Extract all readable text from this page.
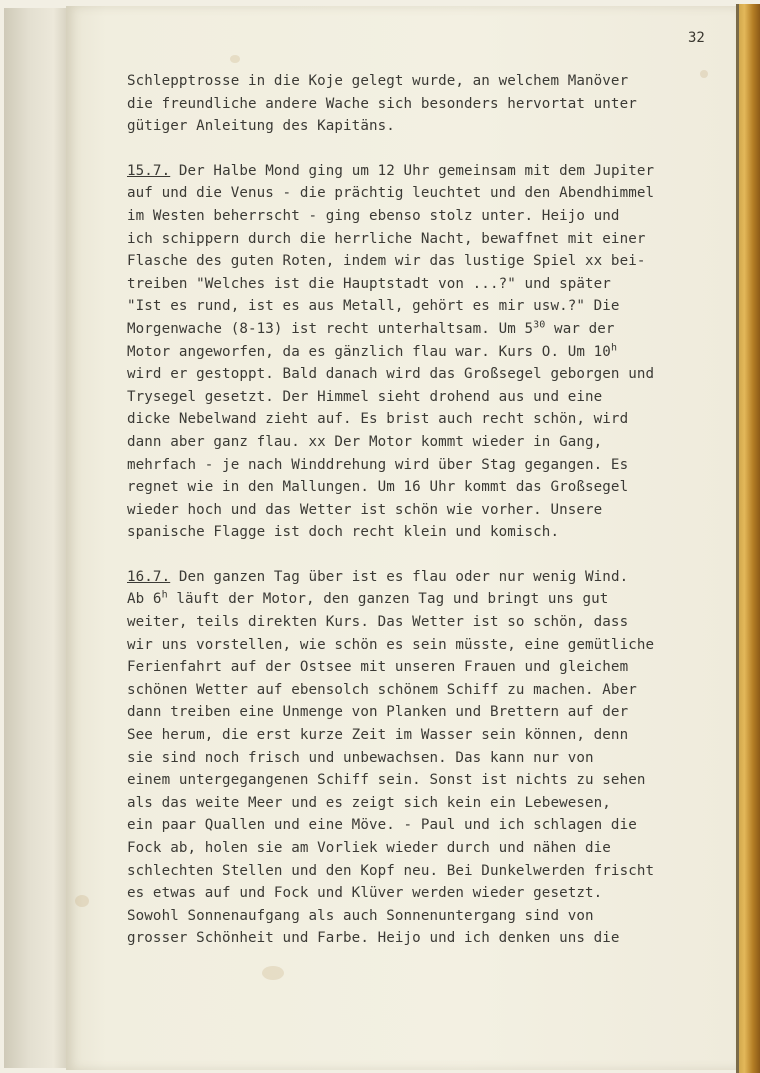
32
Schlepptrosse in die Koje gelegt wurde, an welchem Manöver
die freundliche andere Wache sich besonders hervortat unter
gütiger Anleitung des Kapitäns.
15.7. Der Halbe Mond ging um 12 Uhr gemeinsam mit dem Jupiter
auf und die Venus - die prächtig leuchtet und den Abendhimmel
im Westen beherrscht - ging ebenso stolz unter. Heijo und
ich schippern durch die herrliche Nacht, bewaffnet mit einer
Flasche des guten Roten, indem wir das lustige Spiel xx bei-
treiben "Welches ist die Hauptstadt von ...?" und später
"Ist es rund, ist es aus Metall, gehört es mir usw.?" Die
Morgenwache (8-13) ist recht unterhaltsam. Um $5^{30}$ war der
Motor angeworfen, da es gänzlich flau war. Kurs O. Um 10$^h$
wird er gestoppt. Bald danach wird das Großsegel geborgen und
Trysegel gesetzt. Der Himmel sieht drohend aus und eine
dicke Nebelwand zieht auf. Es brist auch recht schön, wird
dann aber ganz flau. xx Der Motor kommt wieder in Gang,
mehrfach - je nach Winddrehung wird über Stag gegangen. Es
regnet wie in den Mallungen. Um 16 Uhr kommt das Großsegel
wieder hoch und das Wetter ist schön wie vorher. Unsere
spanische Flagge ist doch recht klein und komisch.
16.7. Den ganzen Tag über ist es flau oder nur wenig Wind.
Ab 6$^h$ läuft der Motor, den ganzen Tag und bringt uns gut
weiter, teils direkten Kurs. Das Wetter ist so schön, dass
wir uns vorstellen, wie schön es sein müsste, eine gemütliche
Ferienfahrt auf der Ostsee mit unseren Frauen und gleichem
schönen Wetter auf ebensolch schönem Schiff zu machen. Aber
dann treiben eine Unmenge von Planken und Brettern auf der
See herum, die erst kurze Zeit im Wasser sein können, denn
sie sind noch frisch und unbewachsen. Das kann nur von
einem untergegangenen Schiff sein. Sonst ist nichts zu sehen
als das weite Meer und es zeigt sich kein ein Lebewesen,
ein paar Quallen und eine Möve. - Paul und ich schlagen die
Fock ab, holen sie am Vorliek wieder durch und nähen die
schlechten Stellen und den Kopf neu. Bei Dunkelwerden frischt
es etwas auf und Fock und Klüver werden wieder gesetzt.
Sowohl Sonnenaufgang als auch Sonnenuntergang sind von
grosser Schönheit und Farbe. Heijo und ich denken uns die
